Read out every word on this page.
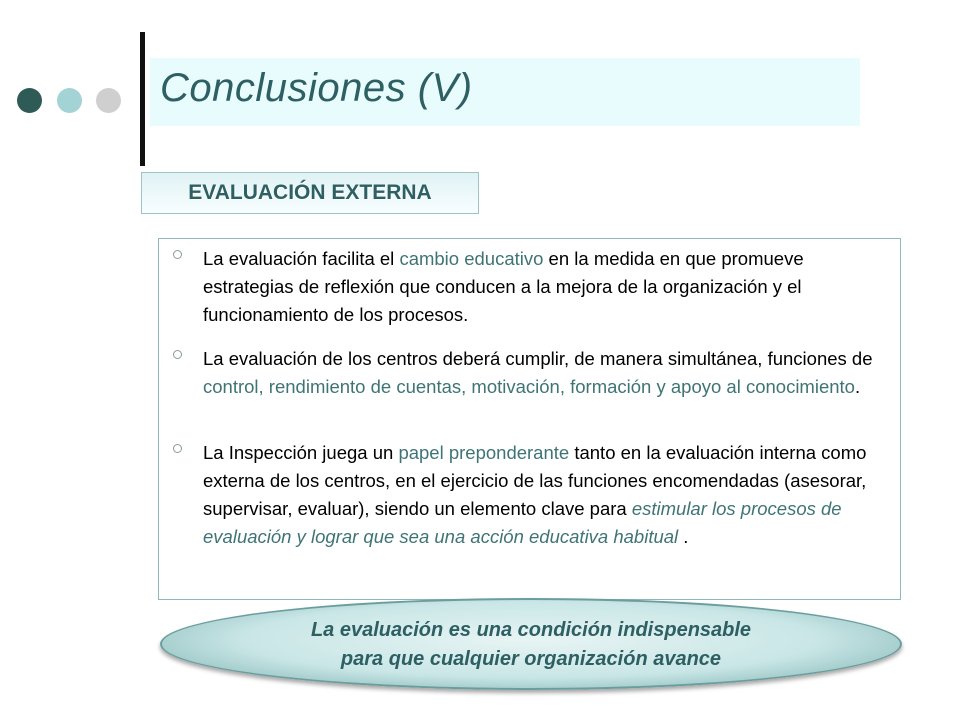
Conclusiones (V)
EVALUACIÓN EXTERNA

La evaluación facilita el cambio educativo en la medida en que promueve estrategias de reflexión que conducen a la mejora de la organización y el funcionamiento de los procesos.

La evaluación de los centros deberá cumplir, de manera simultánea, funciones de control, rendimiento de cuentas, motivación, formación y apoyo al conocimiento.

La Inspección juega un papel preponderante tanto en la evaluación interna como externa de los centros, en el ejercicio de las funciones encomendadas (asesorar, supervisar, evaluar), siendo un elemento clave para estimular los procesos de evaluación y lograr que sea una acción educativa habitual .

La evaluación es una condición indispensable
para que cualquier organización avance
